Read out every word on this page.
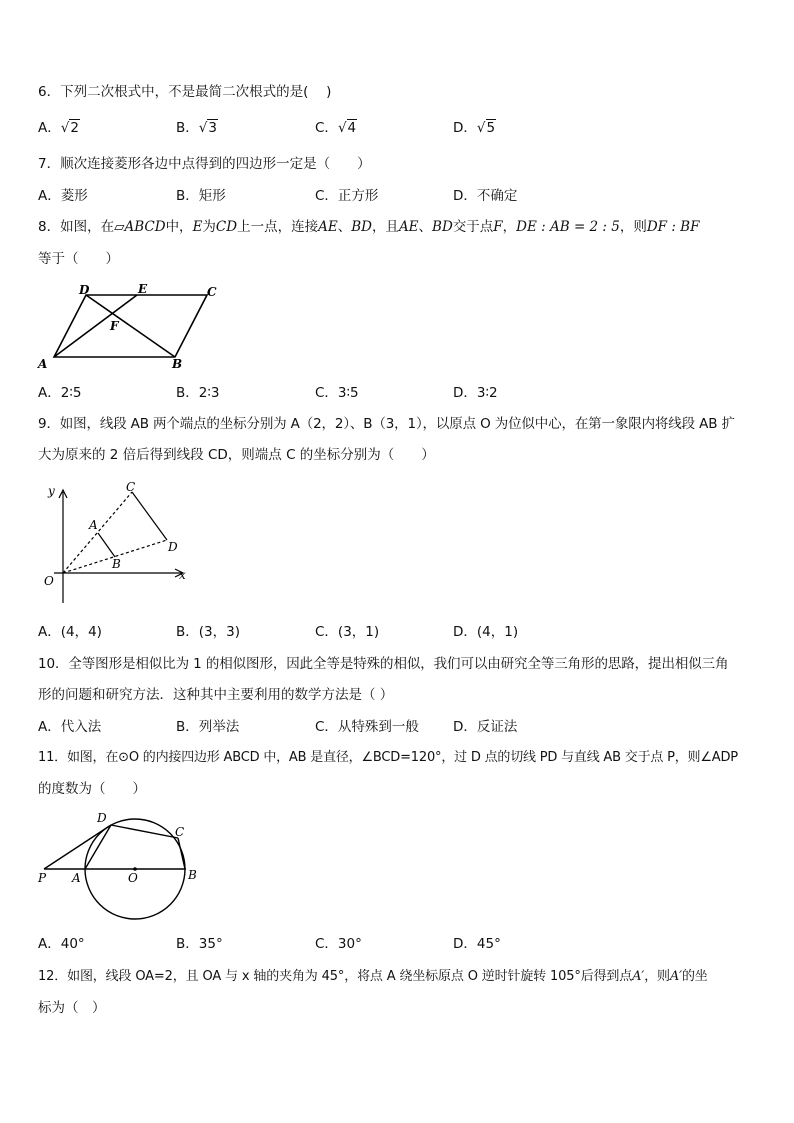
6．下列二次根式中，不是最简二次根式的是(　 )
A．√2	B．√3	C．√4	D．√5
7．顺次连接菱形各边中点得到的四边形一定是（　　）
A．菱形	B．矩形	C．正方形	D．不确定
8．如图，在▱ABCD中，E为CD上一点，连接AE、BD，且AE、BD交于点F，DE : AB = 2 : 5，则DF : BF
等于（　　）
A	B
C
D	E
F
A．2∶5	B．2∶3	C．3∶5	D．3∶2
9．如图，线段 AB 两个端点的坐标分别为 A（2，2）、B（3，1），以原点 O 为位似中心，在第一象限内将线段 AB 扩
大为原来的 2 倍后得到线段 CD，则端点 C 的坐标分别为（　　）
y
x
O
A
B
C
D
A．(4，4)	B．(3，3)	C．(3，1)	D．(4，1)
10．全等图形是相似比为 1 的相似图形，因此全等是特殊的相似，我们可以由研究全等三角形的思路，提出相似三角
形的问题和研究方法．这种其中主要利用的数学方法是（ ）
A．代入法	B．列举法	C．从特殊到一般	D．反证法
11．如图，在⊙O 的内接四边形 ABCD 中，AB 是直径，∠BCD=120°，过 D 点的切线 PD 与直线 AB 交于点 P，则∠ADP
的度数为（　　）
P A	O	B
C
D
A．40°	B．35°	C．30°	D．45°
12．如图，线段 OA=2，且 OA 与 x 轴的夹角为 45°，将点 A 绕坐标原点 O 逆时针旋转 105°后得到点A′，则A′的坐
标为（　）
